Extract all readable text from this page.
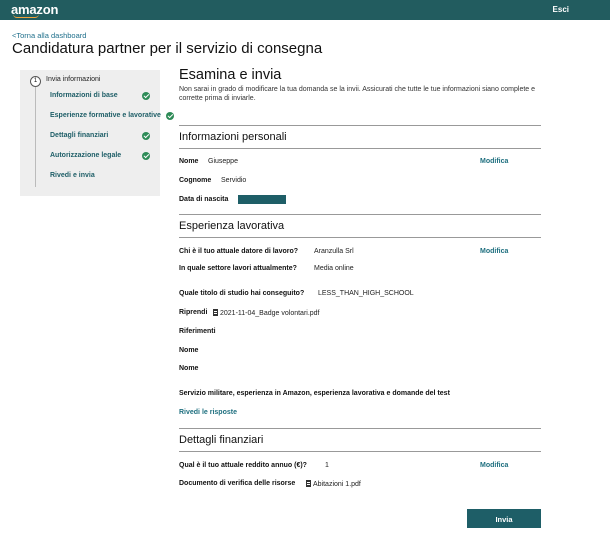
amazon	Esci
<Torna alla dashboard
Candidatura partner per il servizio di consegna
1	Invia informazioni
Informazioni di base
Esperienze formative e lavorative
Dettagli finanziari
Autorizzazione legale
Rivedi e invia
Esamina e invia
Non sarai in grado di modificare la tua domanda se la invii. Assicurati che tutte le tue informazioni siano complete e corrette prima di inviarle.
Informazioni personali
Nome Giuseppe	Modifica
Cognome Servidio
Data di nascita
Esperienza lavorativa
Chi è il tuo attuale datore di lavoro? Aranzulla Srl	Modifica
In quale settore lavori attualmente? Media online
Quale titolo di studio hai conseguito? LESS_THAN_HIGH_SCHOOL
Riprendi	2021-11-04_Badge volontari.pdf
Riferimenti
Nome
Nome
Servizio militare, esperienza in Amazon, esperienza lavorativa e domande del test
Rivedi le risposte
Dettagli finanziari
Qual è il tuo attuale reddito annuo (€)?	1	Modifica
Documento di verifica delle risorse	Abitazioni 1.pdf
Invia
